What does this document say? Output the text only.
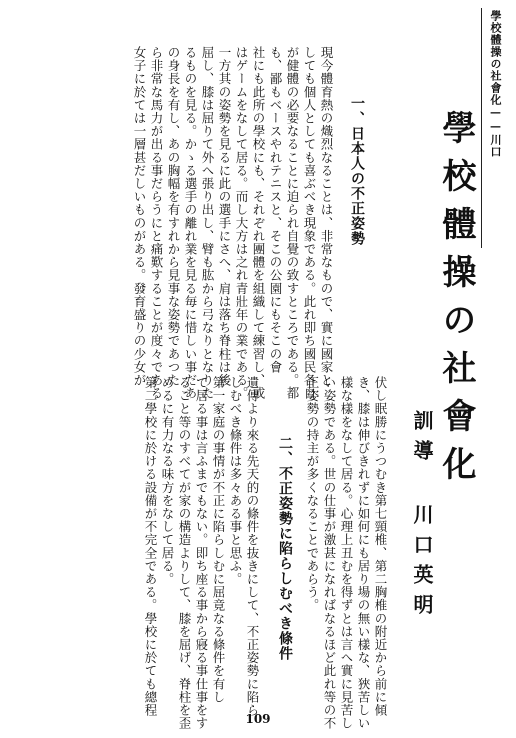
學校體操の社會化——川口
學校體操の社會化
訓導 川口英明
一、日本人の不正姿勢
現今體育熱の熾烈なることは、非常なもので、實に國家と
しても個人としても喜ぶべき現象である。此れ即ち國民各自
が健體の必要なることに迫られ自覺の致すところである。都
も、鄙もベースやれテニスと、そこの公園にもそこの會
社にも此所の學校にも、それぞれ團體を組織して練習し、或
はゲームをなして居る。而し大方は之れ青壯年の業である。
一方其の姿勢を見るに此の選手にさへ、肩は落ち脊柱は後
屈し、膝は屈りて外へ張り出し、臂も肱から弓なりとなりた
るものを見る。かゝる選手の離れ業を見る毎に惜しい事だあ
の身長を有し、あの胸幅を有すれから見事な姿勢であつた
ら非常な馬力が出る事だらうにと痛歎することが度々である
女子に於ては一層甚だしいものがある。發育盛りの少女が
伏し眠勝にうつむき第七頸椎、第二胸椎の附近から前に傾
き、膝は伸びきれずに如何にも居り場の無い樣な、狹苦しい
樣な樣をなして居る。心理上丑むを得ずとは言へ實に見苦し
い姿勢である。世の仕事が激甚になればなるほど此れ等の不
正姿勢の持主が多くなることであらう。
二、不正姿勢に陷らしむべき條件
遺傳より來る先天的の條件を抜きにして、不正姿勢に陷ら
しむべき條件は多々ある事と思ふ。
第一家庭の事情が不正に陷らしむに屈竟なる條件を有し
て居る事は言ふまでもない。即ち座る事から寢る事仕事をす
ること等のすべてが家の構造よりして、膝を屈げ、脊柱を歪
めるに有力なる味方をなして居る。
第二學校に於ける設備が不完全である。學校に於ても總程
109
